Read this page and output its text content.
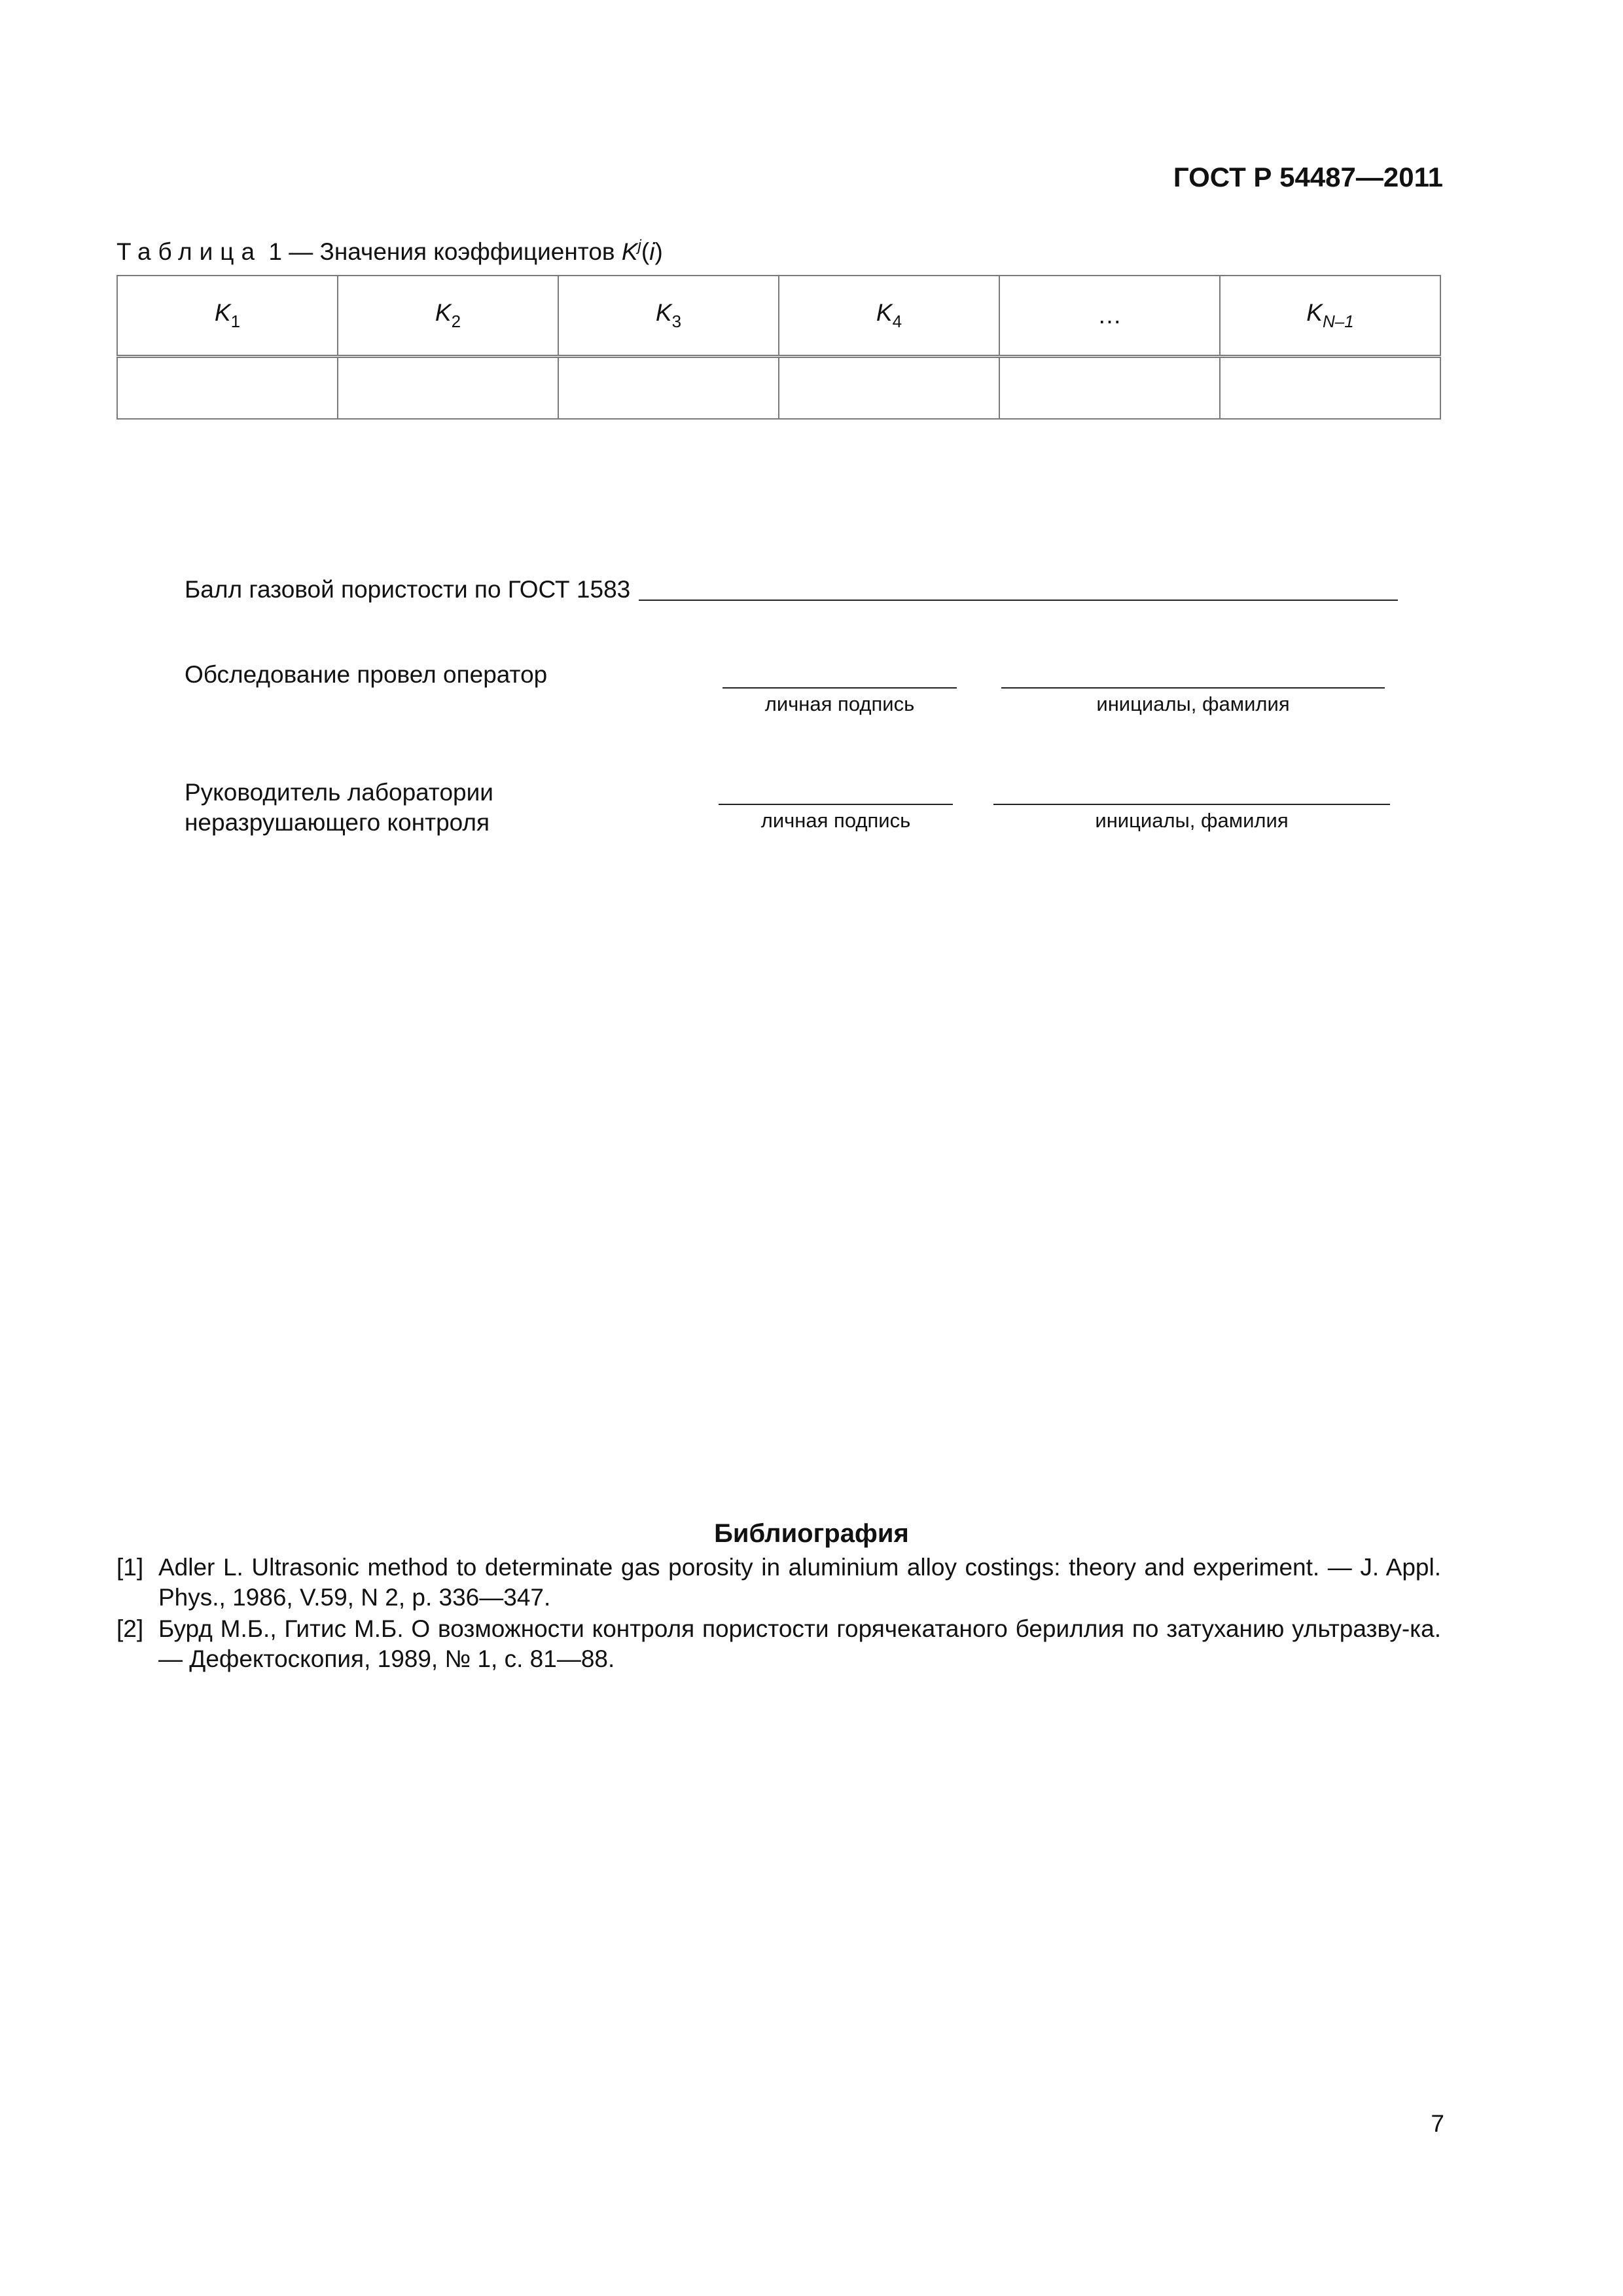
ГОСТ Р 54487—2011
Таблица 1 — Значения коэффициентов $K^j(i)$
$K_1$	$K_2$	$K_3$	$K_4$	…	$K_{N-1}$

Балл газовой пористости по ГОСТ 1583
Обследование провел оператор
личная подпись	инициалы, фамилия
Руководитель лаборатории
неразрушающего контроля	личная подпись	инициалы, фамилия
Библиография
[1] Adler L. Ultrasonic method to determinate gas porosity in aluminium alloy costings: theory and experiment. — J. Appl. Phys., 1986, V.59, N 2, p. 336—347.
[2] Бурд М.Б., Гитис М.Б. О возможности контроля пористости горячекатаного бериллия по затуханию ультразву-ка. — Дефектоскопия, 1989, № 1, с. 81—88.
7
